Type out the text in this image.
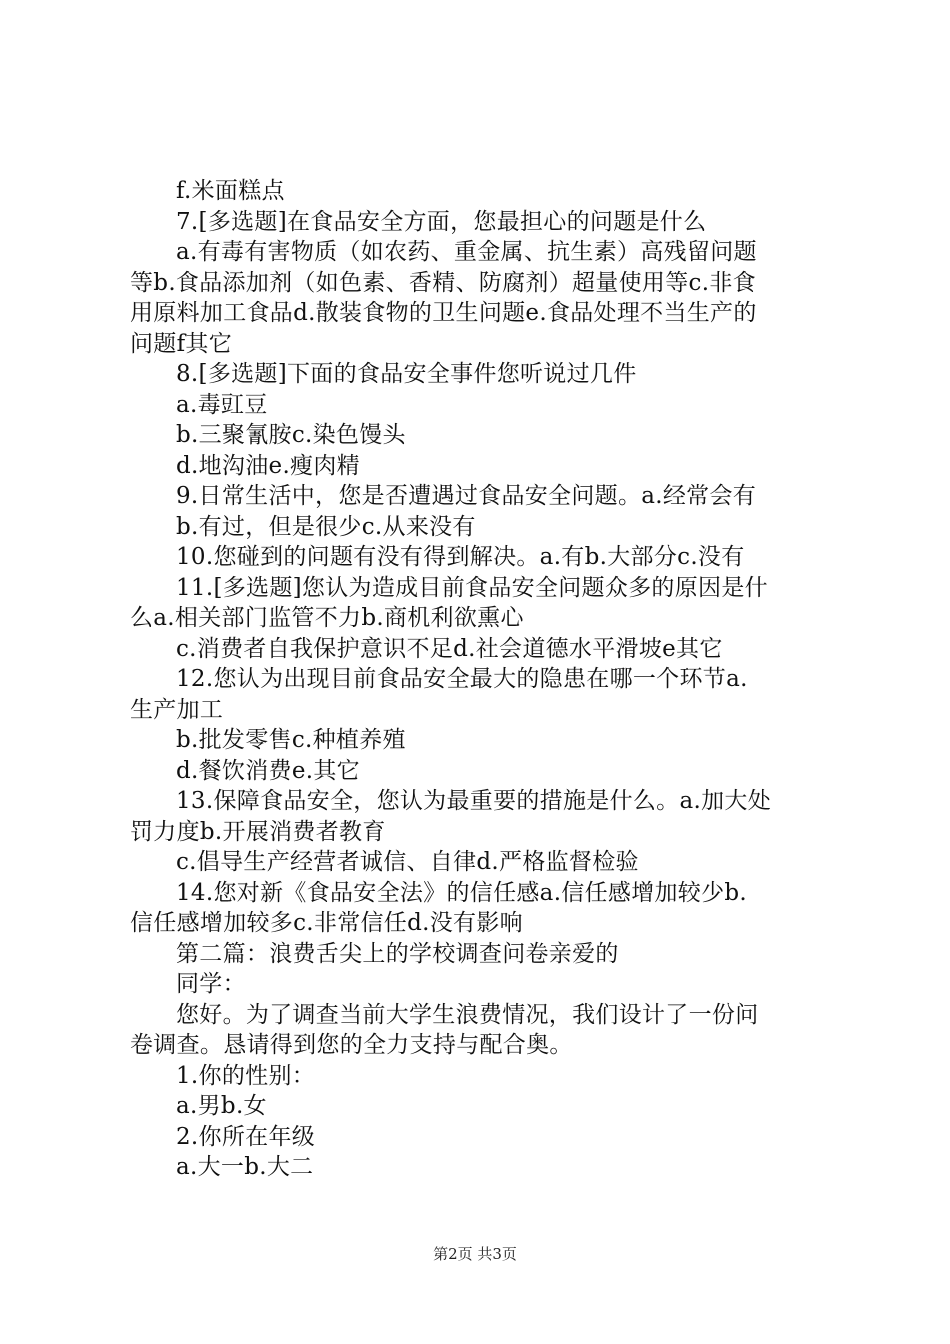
f.米面糕点
7.[多选题]在食品安全方面，您最担心的问题是什么
a.有毒有害物质（如农药、重金属、抗生素）高残留问题
等b.食品添加剂（如色素、香精、防腐剂）超量使用等c.非食
用原料加工食品d.散装食物的卫生问题e.食品处理不当生产的
问题f其它
8.[多选题]下面的食品安全事件您听说过几件
a.毒豇豆
b.三聚氰胺c.染色馒头
d.地沟油e.瘦肉精
9.日常生活中，您是否遭遇过食品安全问题。a.经常会有
b.有过，但是很少c.从来没有
10.您碰到的问题有没有得到解决。a.有b.大部分c.没有
11.[多选题]您认为造成目前食品安全问题众多的原因是什
么a.相关部门监管不力b.商机利欲熏心
c.消费者自我保护意识不足d.社会道德水平滑坡e其它
12.您认为出现目前食品安全最大的隐患在哪一个环节a.
生产加工
b.批发零售c.种植养殖
d.餐饮消费e.其它
13.保障食品安全，您认为最重要的措施是什么。a.加大处
罚力度b.开展消费者教育
c.倡导生产经营者诚信、自律d.严格监督检验
14.您对新《食品安全法》的信任感a.信任感增加较少b.
信任感增加较多c.非常信任d.没有影响
第二篇：浪费舌尖上的学校调查问卷亲爱的
同学：
您好。为了调查当前大学生浪费情况，我们设计了一份问
卷调查。恳请得到您的全力支持与配合奥。
1.你的性别：
a.男b.女
2.你所在年级
a.大一b.大二
第2页 共3页
